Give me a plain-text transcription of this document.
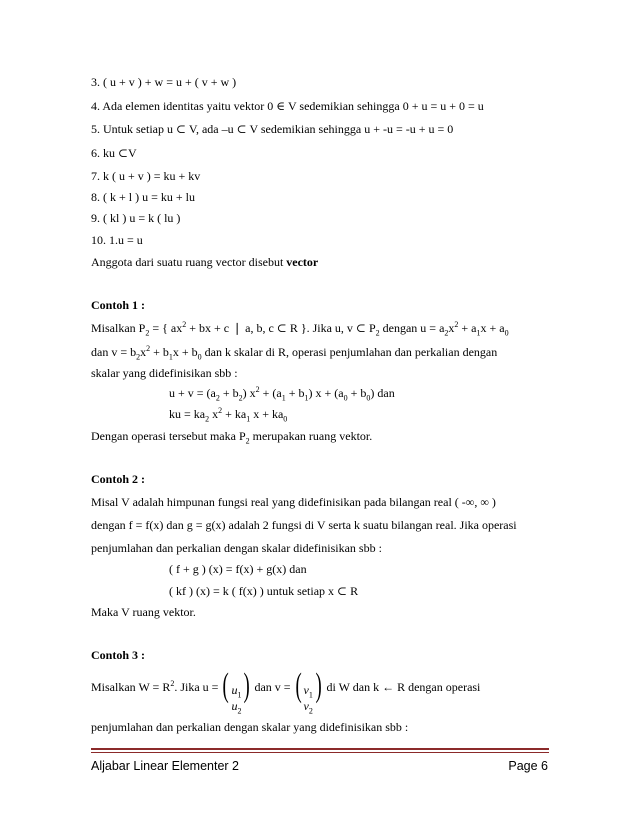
3. ( u + v ) + w = u + ( v + w )
4. Ada elemen identitas yaitu vektor 0 ∈ V sedemikian sehingga 0 + u = u + 0 = u
5. Untuk setiap u ⊂ V, ada –u ⊂ V sedemikian sehingga u + -u = -u + u = 0
6. ku ⊂V
7. k ( u + v ) = ku + kv
8. ( k + l ) u = ku + lu
9. ( kl ) u = k ( lu )
10. 1.u = u
Anggota dari suatu ruang vector disebut vector
Contoh 1 :
Misalkan $P_2$ = { $ax^2$ + bx + c ❘ a, b, c ⊂ R }. Jika u, v ⊂ $P_2$ dengan $u = a_2x^2 + a_1x + a_0$
dan $v = b_2x^2 + b_1x + b_0$ dan k skalar di R, operasi penjumlahan dan perkalian dengan
skalar yang didefinisikan sbb :
$u + v = (a_2 + b_2) x^2 + (a_1 + b_1) x + (a_0 + b_0)$ dan
ku = $ka_2$ $x^2 + ka_1$ $x + ka_0$
Dengan operasi tersebut maka $P_2$ merupakan ruang vektor.
Contoh 2 :
Misal V adalah himpunan fungsi real yang didefinisikan pada bilangan real ( -∞, ∞ )
dengan f = f(x) dan g = g(x) adalah 2 fungsi di V serta k suatu bilangan real. Jika operasi
penjumlahan dan perkalian dengan skalar didefinisikan sbb :
( f + g ) (x) = f(x) + g(x) dan
( kf ) (x) = k ( f(x) ) untuk setiap x ⊂ R
Maka V ruang vektor.
Contoh 3 :
Misalkan $W = R^2$. Jika u = ( $u_1$
$u_2$
) dan v = ( $v_1$
$v_2$
) di W dan k ← R dengan operasi
penjumlahan dan perkalian dengan skalar yang didefinisikan sbb :
Aljabar Linear Elementer 2	Page 6
